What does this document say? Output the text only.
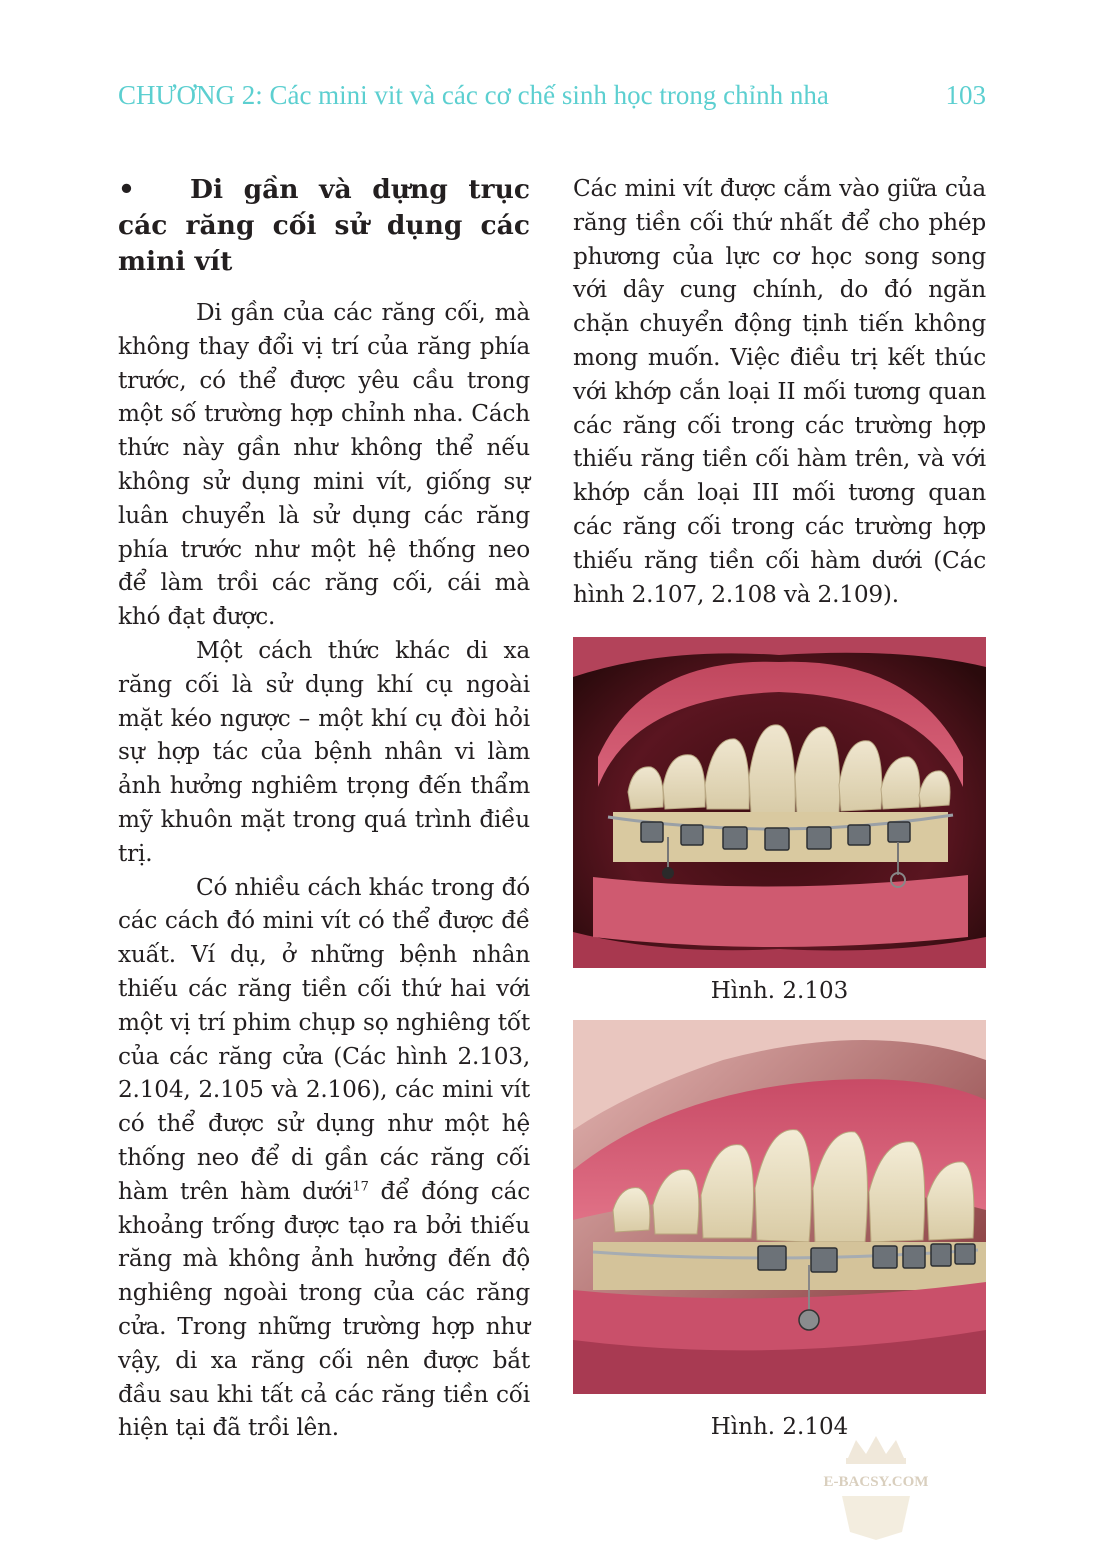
CHƯƠNG 2: Các mini vit và các cơ chế sinh học trong chỉnh nha	103
• Di gần và dựng trục các răng cối sử dụng các mini vít

Di gần của các răng cối, mà không thay đổi vị trí của răng phía trước, có thể được yêu cầu trong một số trường hợp chỉnh nha. Cách thức này gần như không thể nếu không sử dụng mini vít, giống sự luân chuyển là sử dụng các răng phía trước như một hệ thống neo để làm trồi các răng cối, cái mà khó đạt được.

Một cách thức khác di xa răng cối là sử dụng khí cụ ngoài mặt kéo ngược – một khí cụ đòi hỏi sự hợp tác của bệnh nhân vi làm ảnh hưởng nghiêm trọng đến thẩm mỹ khuôn mặt trong quá trình điều trị.

Có nhiều cách khác trong đó các cách đó mini vít có thể được đề xuất. Ví dụ, ở những bệnh nhân thiếu các răng tiền cối thứ hai với một vị trí phim chụp sọ nghiêng tốt của các răng cửa (Các hình 2.103, 2.104, 2.105 và 2.106), các mini vít có thể được sử dụng như một hệ thống neo để di gần các răng cối hàm trên hàm dưới$^{17}$ để đóng các khoảng trống được tạo ra bởi thiếu răng mà không ảnh hưởng đến độ nghiêng ngoài trong của các răng cửa. Trong những trường hợp như vậy, di xa răng cối nên được bắt đầu sau khi tất cả các răng tiền cối hiện tại đã trồi lên.

Các mini vít được cắm vào giữa của răng tiền cối thứ nhất để cho phép phương của lực cơ học song song với dây cung chính, do đó ngăn chặn chuyển động tịnh tiến không mong muốn. Việc điều trị kết thúc với khớp cắn loại II mối tương quan các răng cối trong các trường hợp thiếu răng tiền cối hàm trên, và với khớp cắn loại III mối tương quan các răng cối trong các trường hợp thiếu răng tiền cối hàm dưới (Các hình 2.107, 2.108 và 2.109).

Hình. 2.103
Hình. 2.104
E-BACSY.COM
